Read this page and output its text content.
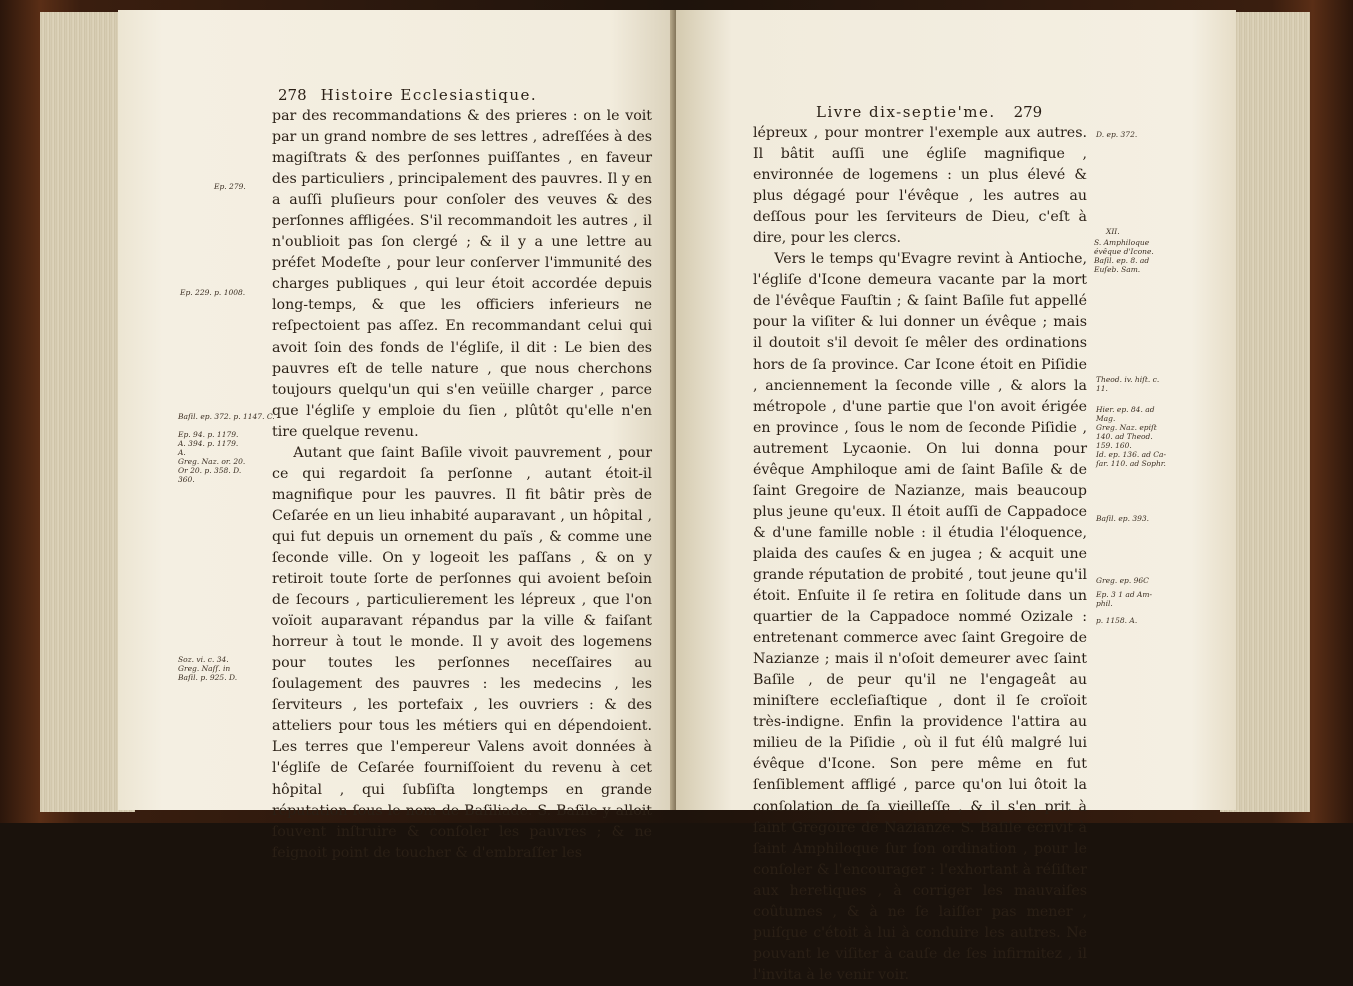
278 Histoire Ecclesiastique.

par des recommandations & des prieres : on le voit par un grand nombre de ses lettres , adreſſées à des magiſtrats & des perſonnes puiſſantes , en faveur des particuliers , principalement des pauvres. Il y en a auſſi pluſieurs pour conſoler des veuves & des perſonnes affligées. S'il recommandoit les autres , il n'oublioit pas ſon clergé ; & il y a une lettre au préfet Modeſte , pour leur conſerver l'immunité des charges publiques , qui leur étoit accordée depuis long-temps, & que les officiers inferieurs ne reſpectoient pas aſſez. En recommandant celui qui avoit ſoin des fonds de l'égliſe, il dit : Le bien des pauvres eſt de telle nature , que nous cherchons toujours quelqu'un qui s'en veüille charger , parce que l'égliſe y emploie du ſien , plûtôt qu'elle n'en tire quelque revenu.

Autant que ſaint Baſile vivoit pauvrement , pour ce qui regardoit ſa perſonne , autant étoit-il magnifique pour les pauvres. Il fit bâtir près de Ceſarée en un lieu inhabité auparavant , un hôpital , qui fut depuis un ornement du païs , & comme une ſeconde ville. On y logeoit les paſſans , & on y retiroit toute ſorte de perſonnes qui avoient beſoin de ſecours , particulierement les lépreux , que l'on voïoit auparavant répandus par la ville & faiſant horreur à tout le monde. Il y avoit des logemens pour toutes les perſonnes neceſſaires au ſoulagement des pauvres : les medecins , les ſerviteurs , les portefaix , les ouvriers : & des atteliers pour tous les métiers qui en dépendoient. Les terres que l'empereur Valens avoit données à l'égliſe de Ceſarée fourniſſoient du revenu à cet hôpital , qui ſubſiſta longtemps en grande réputation ſous le nom de Baſiliade. S. Baſile y alloit ſouvent inſtruire & conſoler les pauvres ; & ne feignoit point de toucher & d'embraſſer les

Ep. 279.
Ep. 229. p. 1008.
Baſil. ep. 372. p. 1147. C.
Ep. 94. p. 1179.
A. 394. p. 1179.
A.
Greg. Naz. or. 20.
Or 20. p. 358. D.
360.
Soz. vi. c. 34.
Greg. Naſſ. in
Baſil. p. 925. D.
Livre dix-septie'me. 279

lépreux , pour montrer l'exemple aux autres. Il bâtit auſſi une égliſe magnifique , environnée de logemens : un plus élevé & plus dégagé pour l'évêque , les autres au deſſous pour les ſerviteurs de Dieu, c'eſt à dire, pour les clercs.

Vers le temps qu'Evagre revint à Antioche, l'égliſe d'Icone demeura vacante par la mort de l'évêque Fauſtin ; & ſaint Baſile fut appellé pour la viſiter & lui donner un évêque ; mais il doutoit s'il devoit ſe mêler des ordinations hors de ſa province. Car Icone étoit en Piſidie , anciennement la ſeconde ville , & alors la métropole , d'une partie que l'on avoit érigée en province , ſous le nom de ſeconde Piſidie , autrement Lycaonie. On lui donna pour évêque Amphiloque ami de ſaint Baſile & de ſaint Gregoire de Nazianze, mais beaucoup plus jeune qu'eux. Il étoit auſſi de Cappadoce & d'une famille noble : il étudia l'éloquence, plaida des cauſes & en jugea ; & acquit une grande réputation de probité , tout jeune qu'il étoit. Enſuite il ſe retira en ſolitude dans un quartier de la Cappadoce nommé Ozizale : entretenant commerce avec ſaint Gregoire de Nazianze ; mais il n'oſoit demeurer avec ſaint Baſile , de peur qu'il ne l'engageât au miniſtere eccleſiaſtique , dont il ſe croïoit très-indigne. Enfin la providence l'attira au milieu de la Piſidie , où il fut élû malgré lui évêque d'Icone. Son pere même en fut ſenſiblement affligé , parce qu'on lui ôtoit la conſolation de ſa vieilleſſe , & il s'en prit à ſaint Gregoire de Nazianze. S. Baſile écrivit à ſaint Amphiloque ſur ſon ordination , pour le conſoler & l'encourager : l'exhortant à réſiſter aux heretiques , à corriger les mauvaiſes coûtumes , & à ne ſe laiſſer pas mener , puiſque c'étoit à lui à conduire les autres. Ne pouvant le viſiter à cauſe de ſes infirmitez , il l'invita à le venir voir.

D. ep. 372.
XII.
S. Amphiloque
évêque d'Icone.
Baſil. ep. 8. ad
Euſeb. Sam.
Theod. iv. hiſt. c.
11.
Hier. ep. 84. ad
Mag.
Greg. Naz. epiſt
140. ad Theod.
159. 160.
Id. ep. 136. ad Ca-
ſar. 110. ad Sophr.
Baſil. ep. 393.
Greg. ep. 96C
Ep. 3 1 ad Am-
phil.
p. 1158. A.
